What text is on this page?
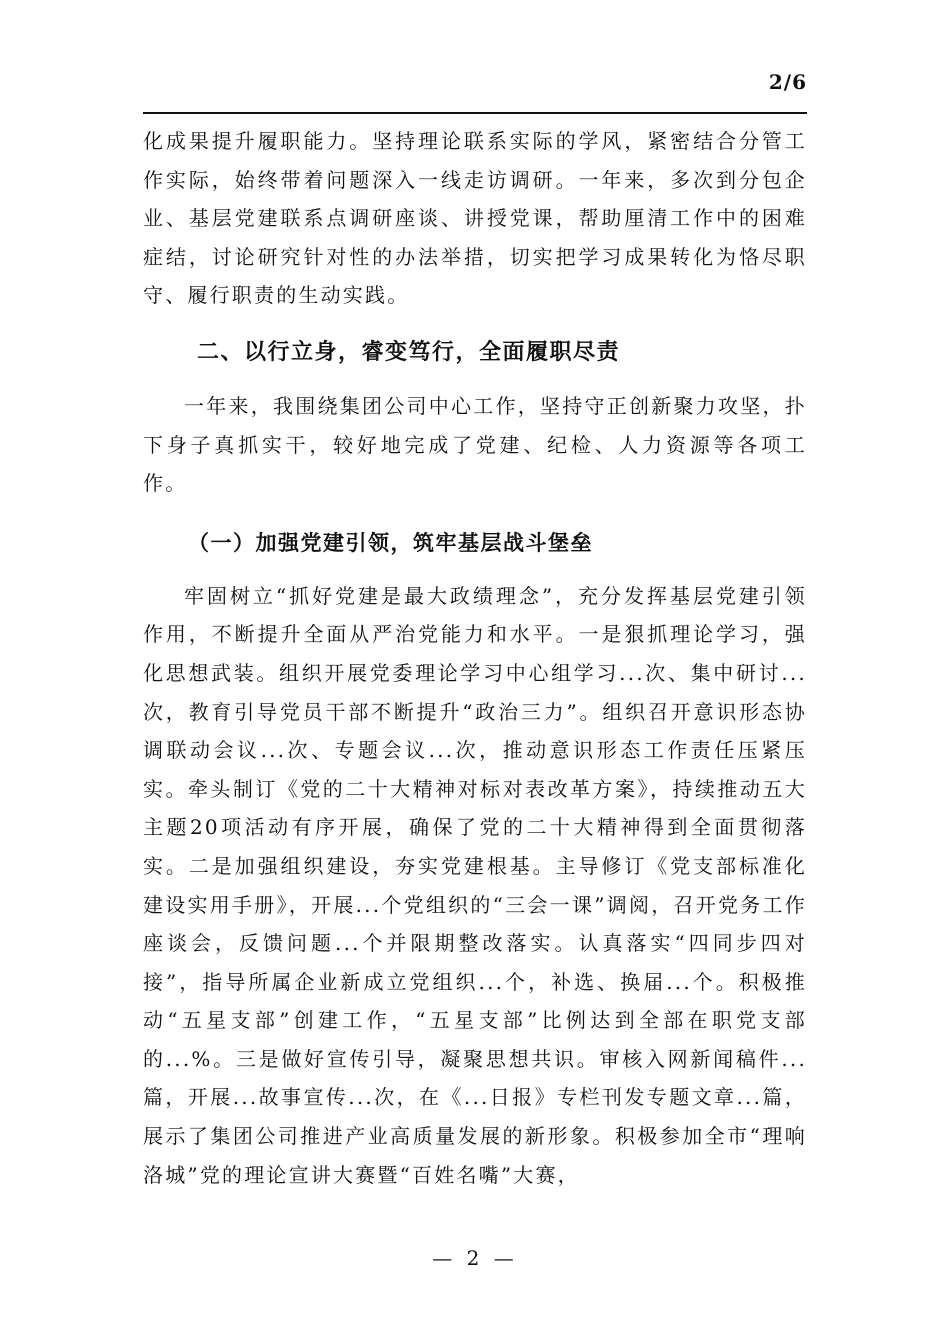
2/6

化成果提升履职能力。坚持理论联系实际的学风，紧密结合分管工作实际，始终带着问题深入一线走访调研。一年来，多次到分包企业、基层党建联系点调研座谈、讲授党课，帮助厘清工作中的困难症结，讨论研究针对性的办法举措，切实把学习成果转化为恪尽职守、履行职责的生动实践。

二、以行立身，睿变笃行，全面履职尽责

一年来，我围绕集团公司中心工作，坚持守正创新聚力攻坚，扑下身子真抓实干，较好地完成了党建、纪检、人力资源等各项工作。

（一）加强党建引领，筑牢基层战斗堡垒

牢固树立“抓好党建是最大政绩理念”，充分发挥基层党建引领作用，不断提升全面从严治党能力和水平。一是狠抓理论学习，强化思想武装。组织开展党委理论学习中心组学习...次、集中研讨...次，教育引导党员干部不断提升“政治三力”。组织召开意识形态协调联动会议...次、专题会议...次，推动意识形态工作责任压紧压实。牵头制订《党的二十大精神对标对表改革方案》，持续推动五大主题20项活动有序开展，确保了党的二十大精神得到全面贯彻落实。二是加强组织建设，夯实党建根基。主导修订《党支部标准化建设实用手册》，开展...个党组织的“三会一课”调阅，召开党务工作座谈会，反馈问题...个并限期整改落实。认真落实“四同步四对接”，指导所属企业新成立党组织...个，补选、换届...个。积极推动“五星支部”创建工作，“五星支部”比例达到全部在职党支部的...%。三是做好宣传引导，凝聚思想共识。审核入网新闻稿件...篇，开展...故事宣传...次，在《...日报》专栏刊发专题文章...篇，展示了集团公司推进产业高质量发展的新形象。积极参加全市“理响洛城”党的理论宣讲大赛暨“百姓名嘴”大赛，

— 2 —
